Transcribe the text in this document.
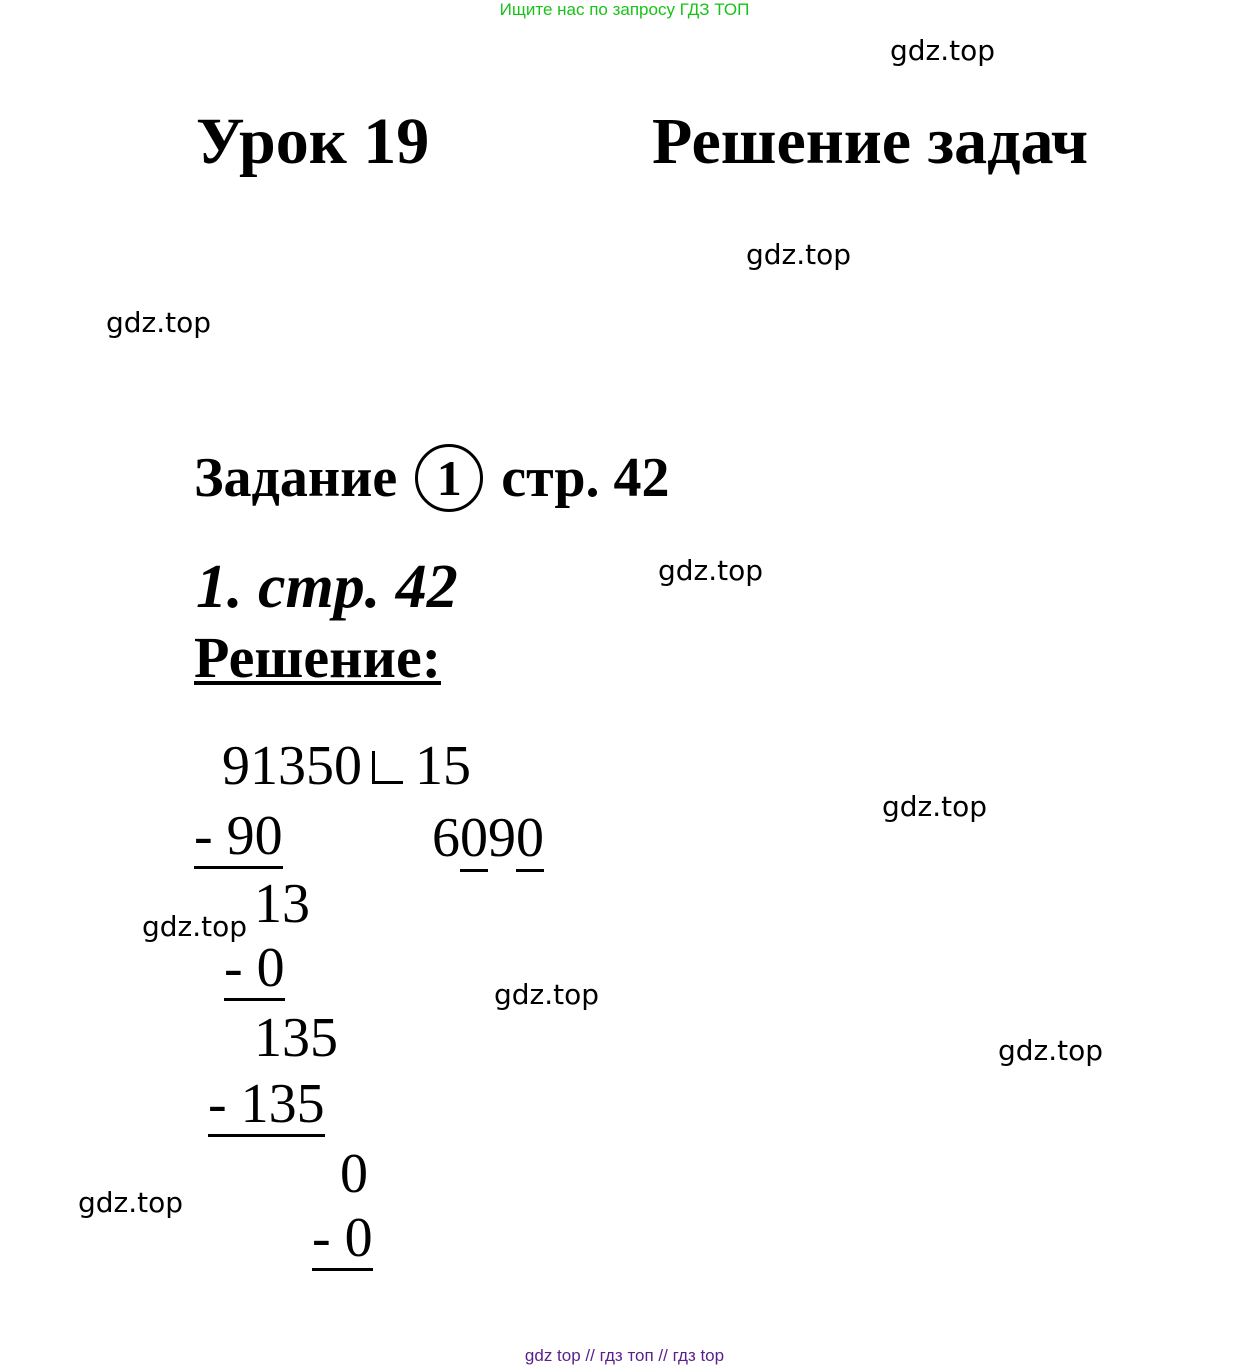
Ищите нас по запросу ГДЗ ТОП
gdz top // гдз топ // гдз top
gdz.top
gdz.top
gdz.top
gdz.top
gdz.top
gdz.top
gdz.top
gdz.top
gdz.top
Урок 19	Решение задач
Задание 1 стр. 42
1. стр. 42
Решение:
91350 15
6090
- 90
13
- 0
135
- 135
0
- 0
